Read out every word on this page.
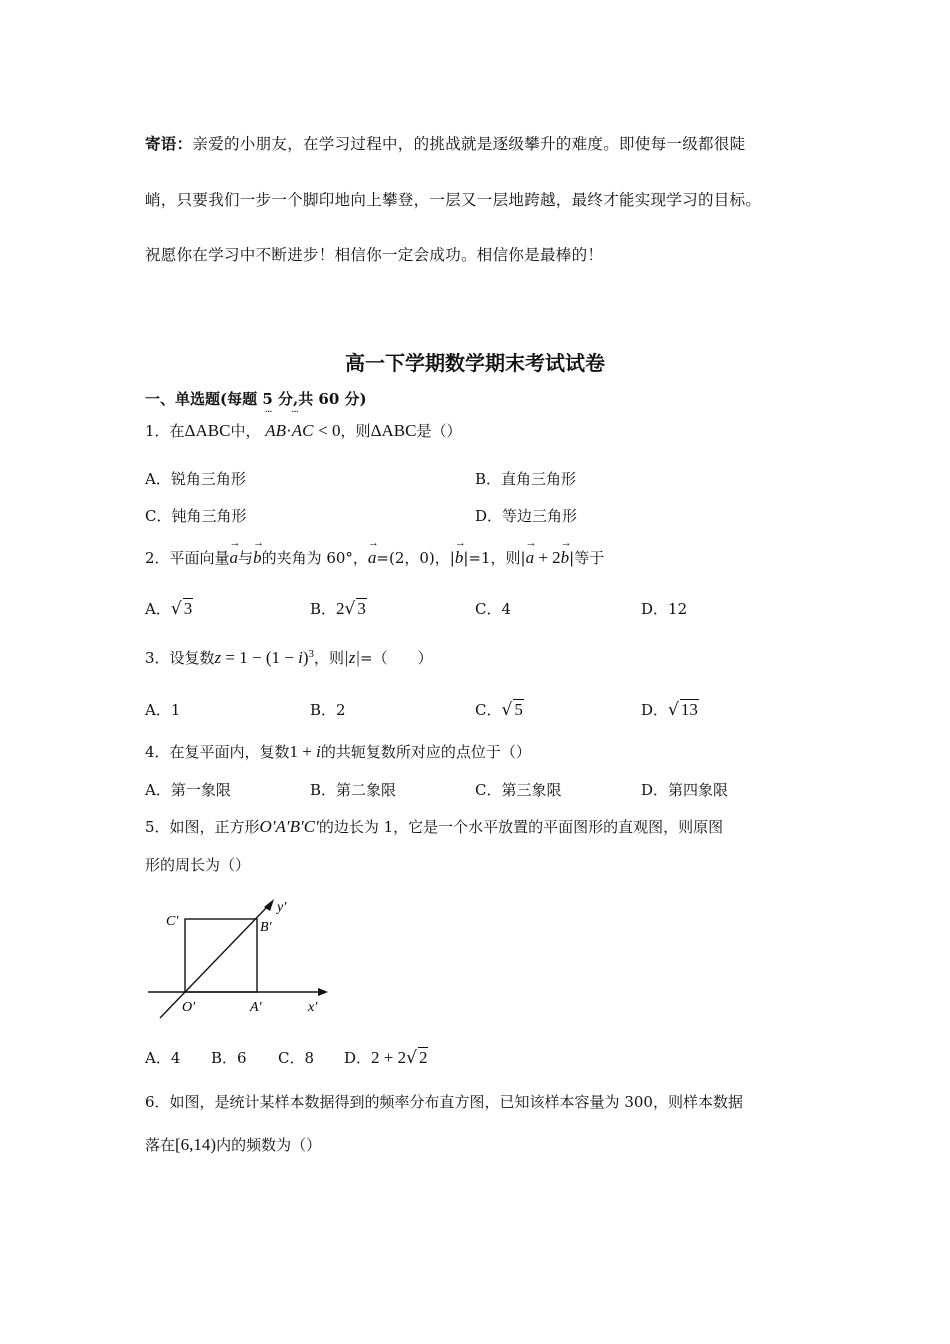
寄语：亲爱的小朋友，在学习过程中，的挑战就是逐级攀升的难度。即使每一级都很陡
峭，只要我们一步一个脚印地向上攀登，一层又一层地跨越，最终才能实现学习的目标。
祝愿你在学习中不断进步！相信你一定会成功。相信你是最棒的！
高一下学期数学期末考试试卷
一、单选题(每题 5 分,共 60 分)
1．在ΔABC中， ¨¨ AB·¨¨ AC < 0，则ΔABC是（）
A．锐角三角形	B．直角三角形
C．钝角三角形	D．等边三角形
2．平面向量→ a与→ b的夹角为 60°，→ a=(2，0)，|→ b|=1，则|→ a + 2→ b|等于
A．√ 3	B．2√ 3	C．4	D．12
3．设复数$z = 1 - (1 - i)^3$，则|z|=（　　）
A．1	B．2	C．√ 5	D．√ 13
4．在复平面内，复数1 + i的共轭复数所对应的点位于（）
A．第一象限	B．第二象限	C．第三象限	D．第四象限
5．如图，正方形O′A′B′C′的边长为 1，它是一个水平放置的平面图形的直观图，则原图
形的周长为（）
C′	B′
O′	A′	x′
y′
A．4 B．6 C．8 D．2 + 2√ 2
6．如图，是统计某样本数据得到的频率分布直方图，已知该样本容量为 300，则样本数据
落在[6,14)内的频数为（）
